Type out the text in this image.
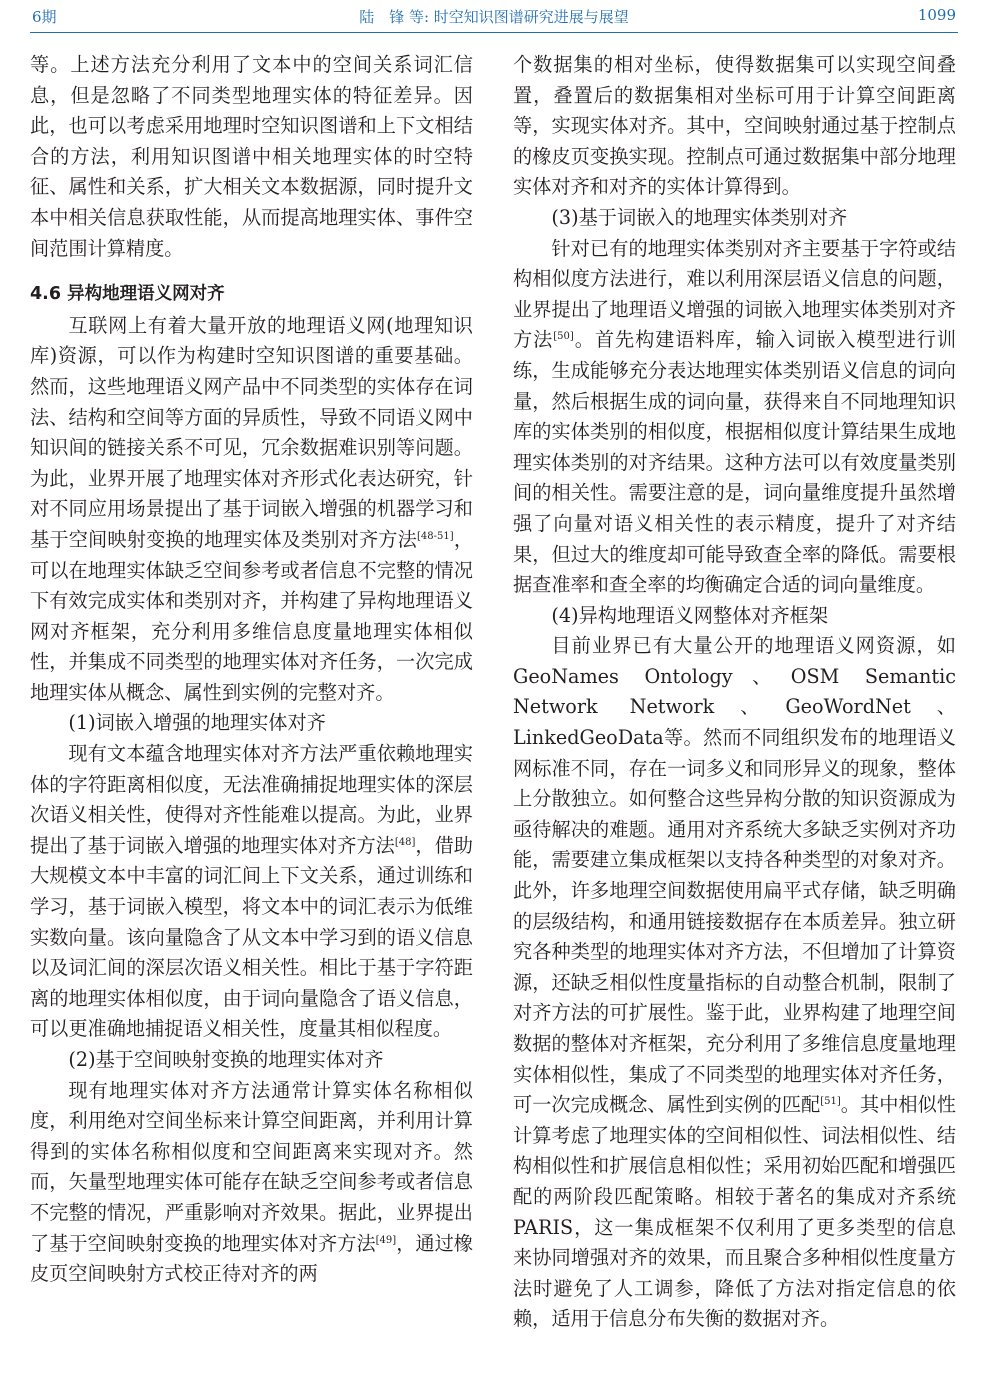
6期	陆　锋 等: 时空知识图谱研究进展与展望	1099

等。上述方法充分利用了文本中的空间关系词汇信息，但是忽略了不同类型地理实体的特征差异。因此，也可以考虑采用地理时空知识图谱和上下文相结合的方法，利用知识图谱中相关地理实体的时空特征、属性和关系，扩大相关文本数据源，同时提升文本中相关信息获取性能，从而提高地理实体、事件空间范围计算精度。

4.6 异构地理语义网对齐

互联网上有着大量开放的地理语义网(地理知识库)资源，可以作为构建时空知识图谱的重要基础。然而，这些地理语义网产品中不同类型的实体存在词法、结构和空间等方面的异质性，导致不同语义网中知识间的链接关系不可见，冗余数据难识别等问题。为此，业界开展了地理实体对齐形式化表达研究，针对不同应用场景提出了基于词嵌入增强的机器学习和基于空间映射变换的地理实体及类别对齐方法[48-51]，可以在地理实体缺乏空间参考或者信息不完整的情况下有效完成实体和类别对齐，并构建了异构地理语义网对齐框架，充分利用多维信息度量地理实体相似性，并集成不同类型的地理实体对齐任务，一次完成地理实体从概念、属性到实例的完整对齐。

(1)词嵌入增强的地理实体对齐

现有文本蕴含地理实体对齐方法严重依赖地理实体的字符距离相似度，无法准确捕捉地理实体的深层次语义相关性，使得对齐性能难以提高。为此，业界提出了基于词嵌入增强的地理实体对齐方法[48]，借助大规模文本中丰富的词汇间上下文关系，通过训练和学习，基于词嵌入模型，将文本中的词汇表示为低维实数向量。该向量隐含了从文本中学习到的语义信息以及词汇间的深层次语义相关性。相比于基于字符距离的地理实体相似度，由于词向量隐含了语义信息，可以更准确地捕捉语义相关性，度量其相似程度。

(2)基于空间映射变换的地理实体对齐

现有地理实体对齐方法通常计算实体名称相似度，利用绝对空间坐标来计算空间距离，并利用计算得到的实体名称相似度和空间距离来实现对齐。然而，矢量型地理实体可能存在缺乏空间参考或者信息不完整的情况，严重影响对齐效果。据此，业界提出了基于空间映射变换的地理实体对齐方法[49]，通过橡皮页空间映射方式校正待对齐的两

个数据集的相对坐标，使得数据集可以实现空间叠置，叠置后的数据集相对坐标可用于计算空间距离等，实现实体对齐。其中，空间映射通过基于控制点的橡皮页变换实现。控制点可通过数据集中部分地理实体对齐和对齐的实体计算得到。

(3)基于词嵌入的地理实体类别对齐

针对已有的地理实体类别对齐主要基于字符或结构相似度方法进行，难以利用深层语义信息的问题，业界提出了地理语义增强的词嵌入地理实体类别对齐方法[50]。首先构建语料库，输入词嵌入模型进行训练，生成能够充分表达地理实体类别语义信息的词向量，然后根据生成的词向量，获得来自不同地理知识库的实体类别的相似度，根据相似度计算结果生成地理实体类别的对齐结果。这种方法可以有效度量类别间的相关性。需要注意的是，词向量维度提升虽然增强了向量对语义相关性的表示精度，提升了对齐结果，但过大的维度却可能导致查全率的降低。需要根据查准率和查全率的均衡确定合适的词向量维度。

(4)异构地理语义网整体对齐框架

目前业界已有大量公开的地理语义网资源，如GeoNames Ontology、OSM Semantic Network Network、GeoWordNet、LinkedGeoData等。然而不同组织发布的地理语义网标准不同，存在一词多义和同形异义的现象，整体上分散独立。如何整合这些异构分散的知识资源成为亟待解决的难题。通用对齐系统大多缺乏实例对齐功能，需要建立集成框架以支持各种类型的对象对齐。此外，许多地理空间数据使用扁平式存储，缺乏明确的层级结构，和通用链接数据存在本质差异。独立研究各种类型的地理实体对齐方法，不但增加了计算资源，还缺乏相似性度量指标的自动整合机制，限制了对齐方法的可扩展性。鉴于此，业界构建了地理空间数据的整体对齐框架，充分利用了多维信息度量地理实体相似性，集成了不同类型的地理实体对齐任务，可一次完成概念、属性到实例的匹配[51]。其中相似性计算考虑了地理实体的空间相似性、词法相似性、结构相似性和扩展信息相似性；采用初始匹配和增强匹配的两阶段匹配策略。相较于著名的集成对齐系统PARIS，这一集成框架不仅利用了更多类型的信息来协同增强对齐的效果，而且聚合多种相似性度量方法时避免了人工调参，降低了方法对指定信息的依赖，适用于信息分布失衡的数据对齐。
